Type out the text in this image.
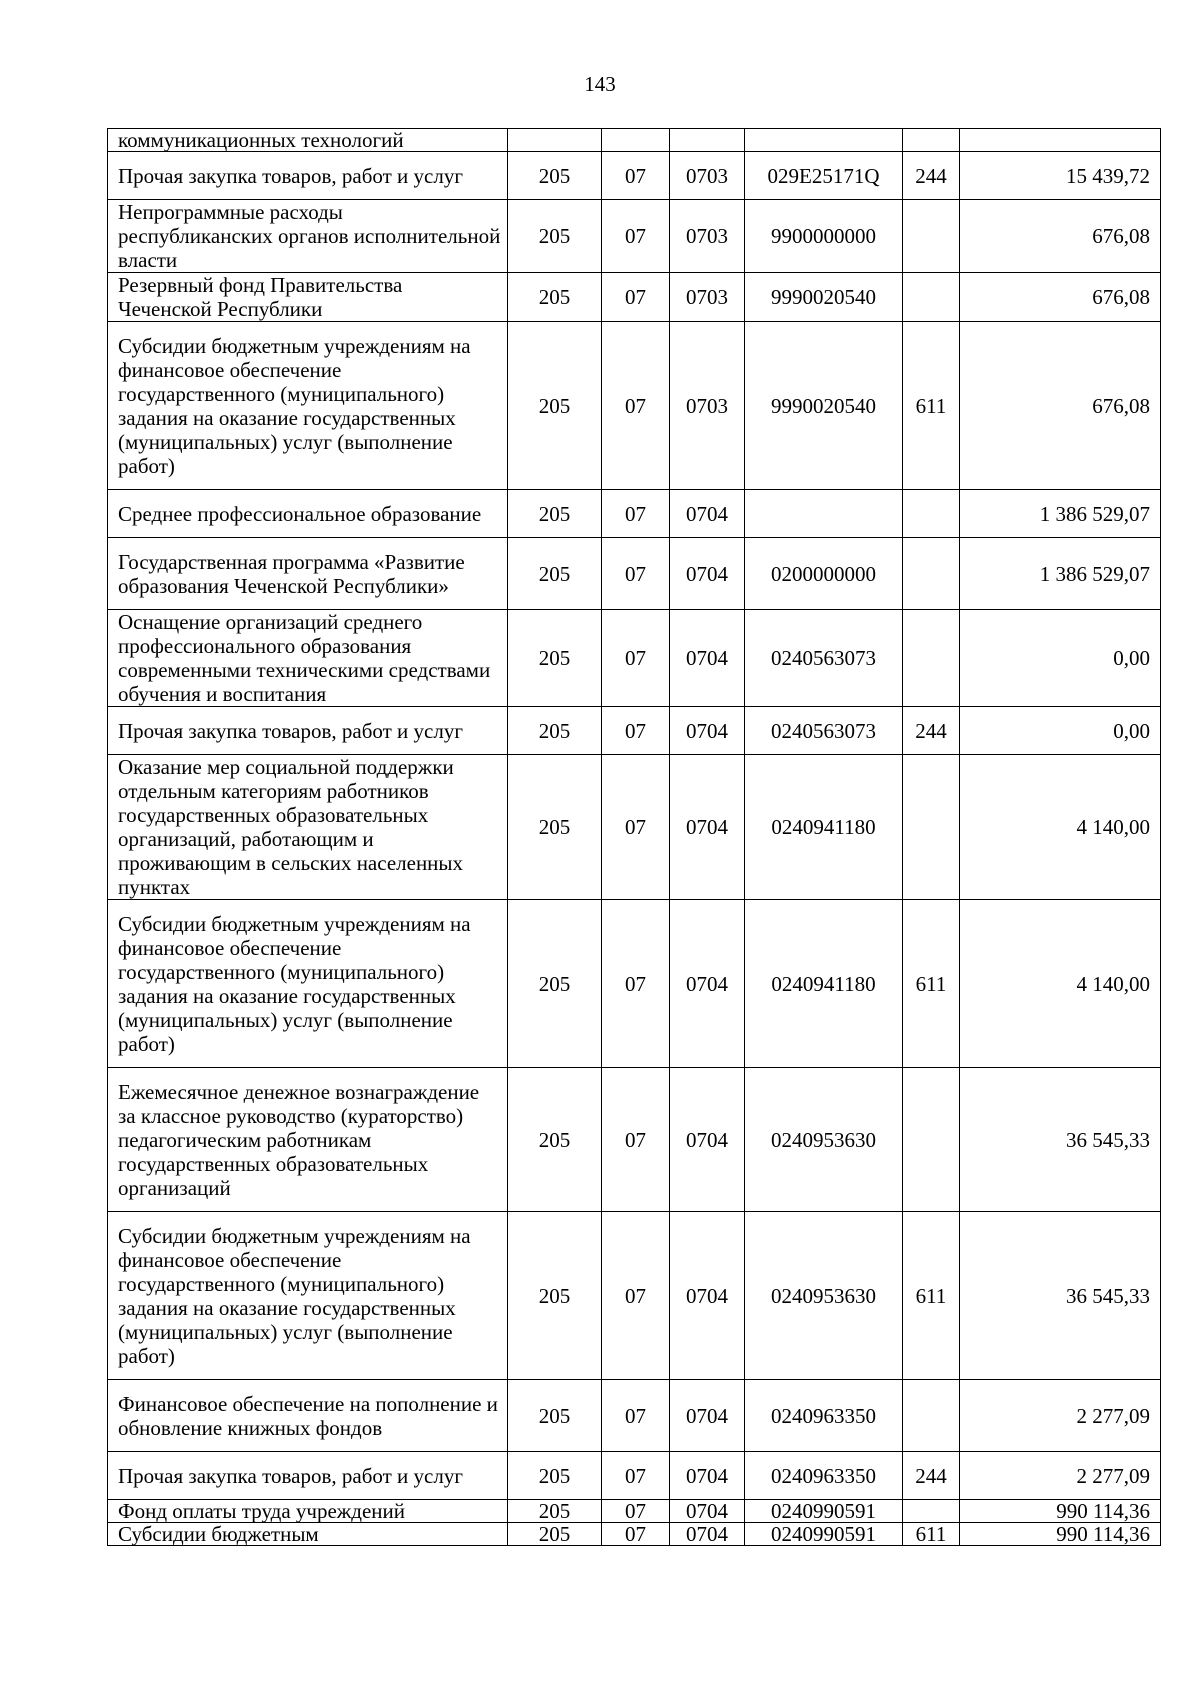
143
коммуникационных технологий						
Прочая закупка товаров, работ и услуг	205	07	0703	029E25171Q	244	15 439,72
Непрограммные расходы республиканских органов исполнительной власти	205	07	0703	9900000000		676,08
Резервный фонд Правительства Чеченской Республики	205	07	0703	9990020540		676,08
Субсидии бюджетным учреждениям на финансовое обеспечение государственного (муниципального) задания на оказание государственных (муниципальных) услуг (выполнение работ)	205	07	0703	9990020540	611	676,08
Среднее профессиональное образование	205	07	0704			1 386 529,07
Государственная программа «Развитие образования Чеченской Республики»	205	07	0704	0200000000		1 386 529,07
Оснащение организаций среднего профессионального образования современными техническими средствами обучения и воспитания	205	07	0704	0240563073		0,00
Прочая закупка товаров, работ и услуг	205	07	0704	0240563073	244	0,00
Оказание мер социальной поддержки отдельным категориям работников государственных образовательных организаций, работающим и проживающим в сельских населенных пунктах	205	07	0704	0240941180		4 140,00
Субсидии бюджетным учреждениям на финансовое обеспечение государственного (муниципального) задания на оказание государственных (муниципальных) услуг (выполнение работ)	205	07	0704	0240941180	611	4 140,00
Ежемесячное денежное вознаграждение за классное руководство (кураторство) педагогическим работникам государственных образовательных организаций	205	07	0704	0240953630		36 545,33
Субсидии бюджетным учреждениям на финансовое обеспечение государственного (муниципального) задания на оказание государственных (муниципальных) услуг (выполнение работ)	205	07	0704	0240953630	611	36 545,33
Финансовое обеспечение на пополнение и обновление книжных фондов	205	07	0704	0240963350		2 277,09
Прочая закупка товаров, работ и услуг	205	07	0704	0240963350	244	2 277,09
Фонд оплаты труда учреждений	205	07	0704	0240990591		990 114,36
Субсидии бюджетным	205	07	0704	0240990591	611	990 114,36
